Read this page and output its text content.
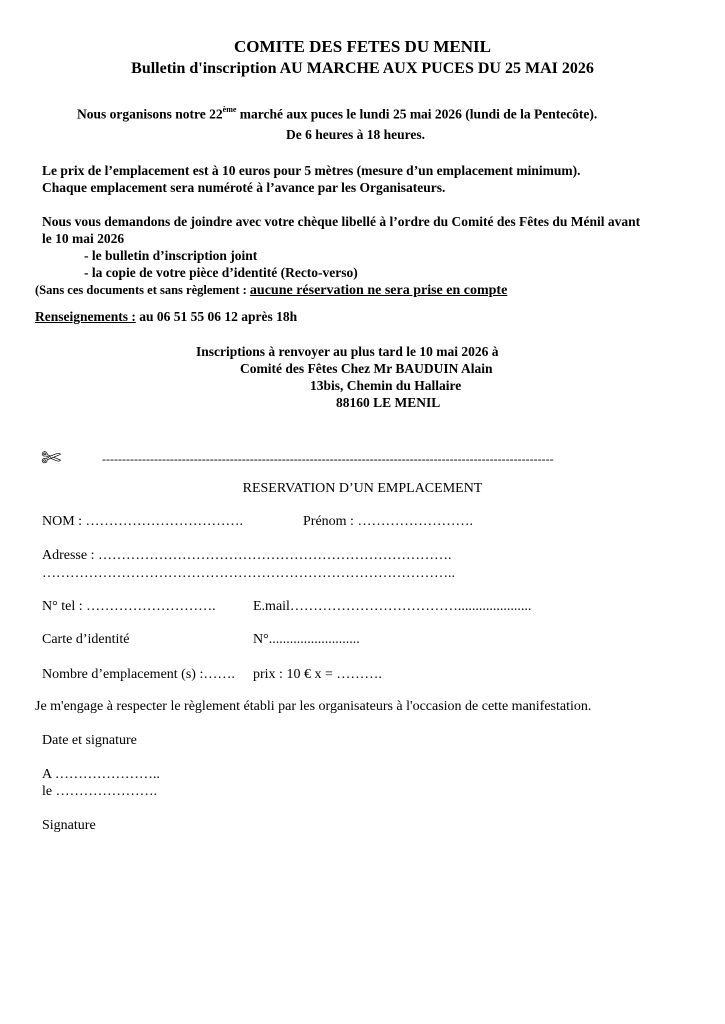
COMITE DES FETES DU MENIL
Bulletin d'inscription AU MARCHE AUX PUCES DU 25 MAI 2026
Nous organisons notre 22ème marché aux puces le lundi 25 mai 2026 (lundi de la Pentecôte).
De 6 heures à 18 heures.
Le prix de l’emplacement est à 10 euros pour 5 mètres (mesure d’un emplacement minimum).
Chaque emplacement sera numéroté à l’avance par les Organisateurs.
Nous vous demandons de joindre avec votre chèque libellé à l’ordre du Comité des Fêtes du Ménil avant
le 10 mai 2026
- le bulletin d’inscription joint
- la copie de votre pièce d’identité (Recto-verso)
(Sans ces documents et sans règlement : aucune réservation ne sera prise en compte
Renseignements : au 06 51 55 06 12 après 18h
Inscriptions à renvoyer au plus tard le 10 mai 2026 à
Comité des Fêtes Chez Mr BAUDUIN Alain
13bis, Chemin du Hallaire
88160 LE MENIL
✄	-----------------------------------------------------------------------------------------------------------------
RESERVATION D’UN EMPLACEMENT
NOM : …………………………….	Prénom : …………………….
Adresse : ………………………………………………………………….
……………………………………………………………………………..
N° tel : ……………………….	E.mail……………………………….....................
Carte d’identité	N°..........................
Nombre d’emplacement (s) :……. prix : 10 € x = ……….
Je m'engage à respecter le règlement établi par les organisateurs à l'occasion de cette manifestation.
Date et signature
A …………………..
le ………………….
Signature
